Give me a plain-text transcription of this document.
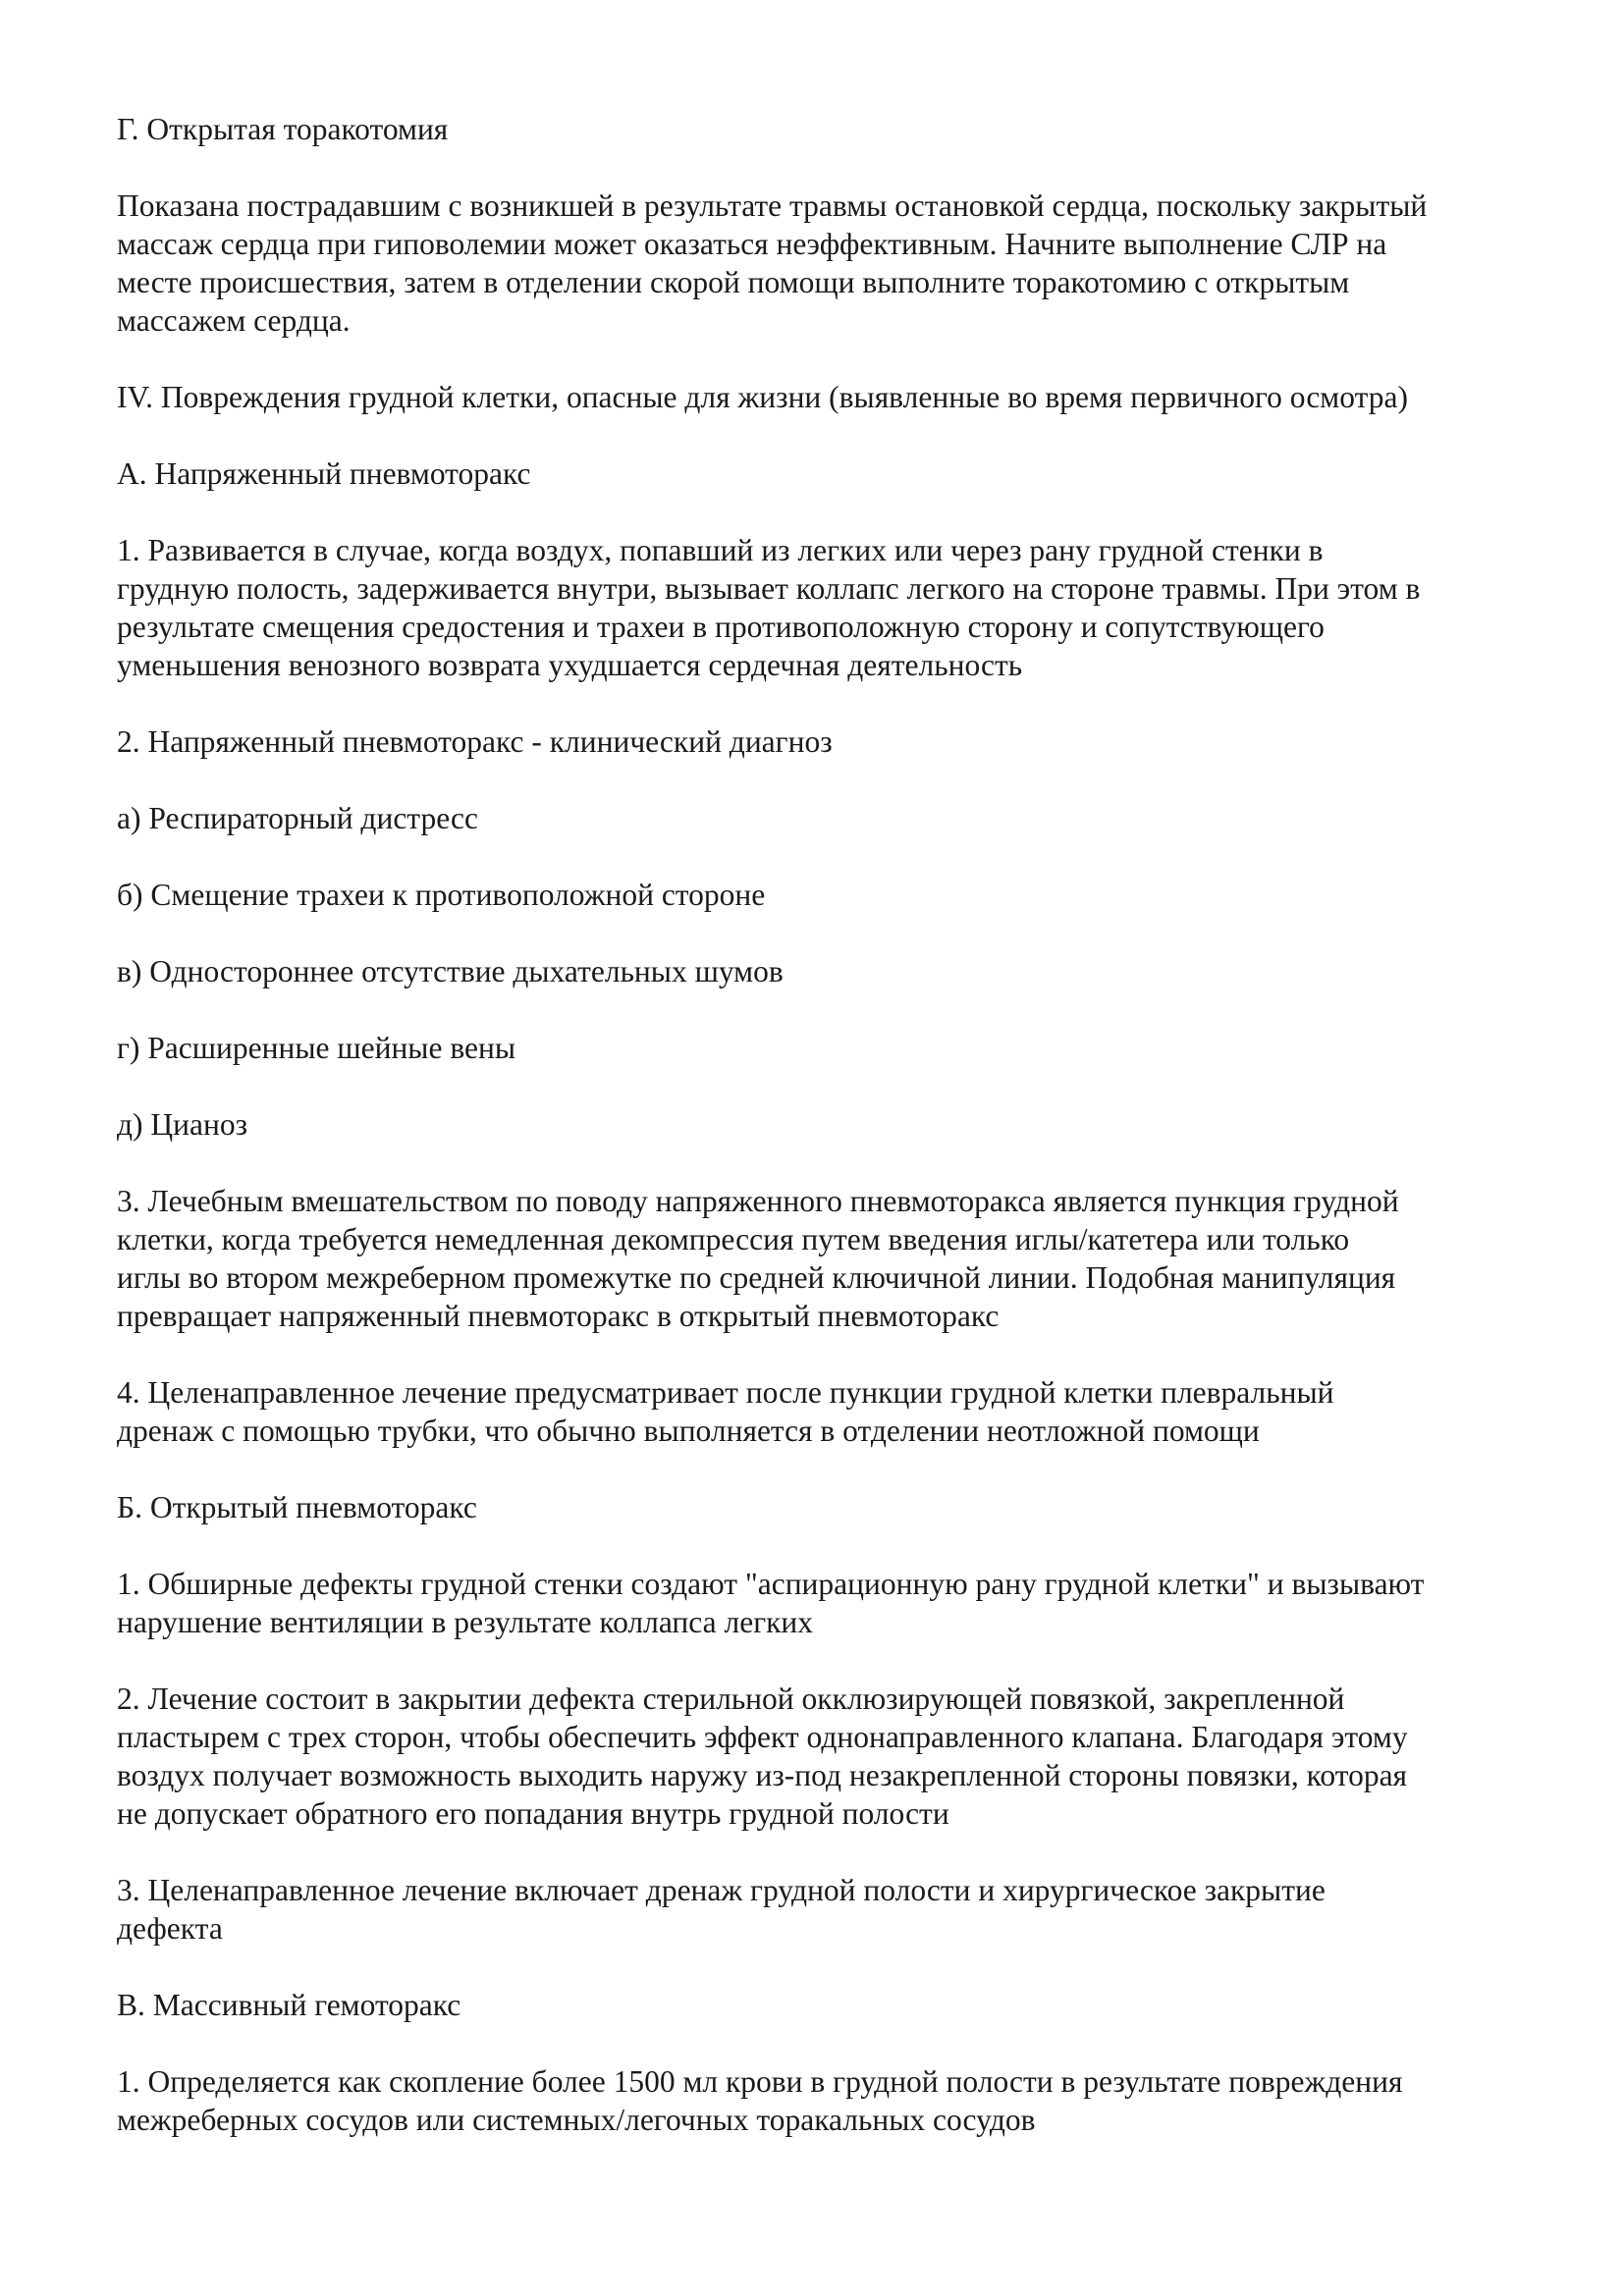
Г. Открытая торакотомия

Показана пострадавшим с возникшей в результате травмы остановкой сердца, поскольку закрытый
массаж сердца при гиповолемии может оказаться неэффективным. Начните выполнение СЛР на
месте происшествия, затем в отделении скорой помощи выполните торакотомию с открытым
массажем сердца.

IV. Повреждения грудной клетки, опасные для жизни (выявленные во время первичного осмотра)

А. Напряженный пневмоторакс

1. Развивается в случае, когда воздух, попавший из легких или через рану грудной стенки в
грудную полость, задерживается внутри, вызывает коллапс легкого на стороне травмы. При этом в
результате смещения средостения и трахеи в противоположную сторону и сопутствующего
уменьшения венозного возврата ухудшается сердечная деятельность

2. Напряженный пневмоторакс - клинический диагноз

а) Респираторный дистресс

б) Смещение трахеи к противоположной стороне

в) Одностороннее отсутствие дыхательных шумов

г) Расширенные шейные вены

д) Цианоз

3. Лечебным вмешательством по поводу напряженного пневмоторакса является пункция грудной
клетки, когда требуется немедленная декомпрессия путем введения иглы/катетера или только
иглы во втором межреберном промежутке по средней ключичной линии. Подобная манипуляция
превращает напряженный пневмоторакс в открытый пневмоторакс

4. Целенаправленное лечение предусматривает после пункции грудной клетки плевральный
дренаж с помощью трубки, что обычно выполняется в отделении неотложной помощи

Б. Открытый пневмоторакс

1. Обширные дефекты грудной стенки создают "аспирационную рану грудной клетки" и вызывают
нарушение вентиляции в результате коллапса легких

2. Лечение состоит в закрытии дефекта стерильной окклюзирующей повязкой, закрепленной
пластырем с трех сторон, чтобы обеспечить эффект однонаправленного клапана. Благодаря этому
воздух получает возможность выходить наружу из-под незакрепленной стороны повязки, которая
не допускает обратного его попадания внутрь грудной полости

3. Целенаправленное лечение включает дренаж грудной полости и хирургическое закрытие
дефекта

В. Массивный гемоторакс

1. Определяется как скопление более 1500 мл крови в грудной полости в результате повреждения
межреберных сосудов или системных/легочных торакальных сосудов
